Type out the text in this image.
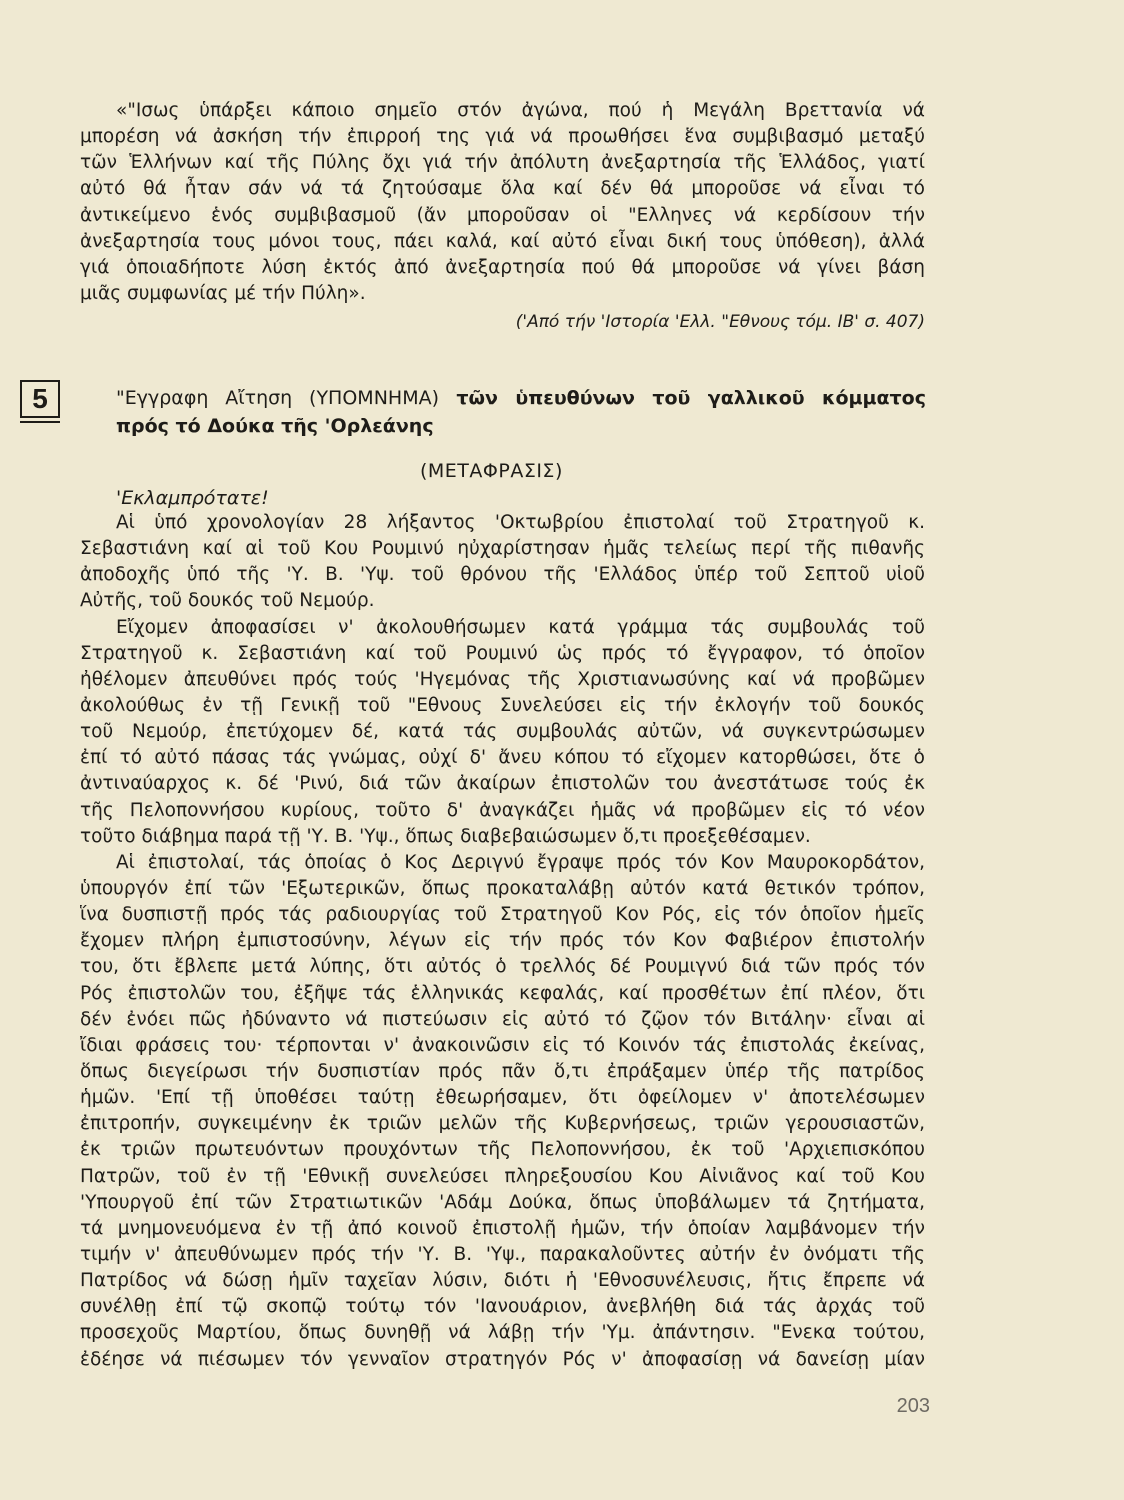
«"Ισως ὑπάρξει κάποιο σημεῖο στόν ἀγώνα, πού ἡ Μεγάλη Βρεττανία νά
μπορέση νά ἀσκήση τήν ἐπιρροή της γιά νά προωθήσει ἕνα συμβιβασμό μεταξύ
τῶν Ἑλλήνων καί τῆς Πύλης ὄχι γιά τήν ἀπόλυτη ἀνεξαρτησία τῆς Ἑλλάδος, γιατί
αὐτό θά ἦταν σάν νά τά ζητούσαμε ὅλα καί δέν θά μποροῦσε νά εἶναι τό
ἀντικείμενο ἑνός συμβιβασμοῦ (ἄν μποροῦσαν οἱ "Ελληνες νά κερδίσουν τήν
ἀνεξαρτησία τους μόνοι τους, πάει καλά, καί αὐτό εἶναι δική τους ὑπόθεση), ἀλλά
γιά ὁποιαδήποτε λύση ἐκτός ἀπό ἀνεξαρτησία πού θά μποροῦσε νά γίνει βάση
μιᾶς συμφωνίας μέ τήν Πύλη».
('Από τήν 'Ιστορία 'Ελλ. "Εθνους τόμ. ΙΒ' σ. 407)
5	"Εγγραφη Αἴτηση (ΥΠΟΜΝΗΜΑ) τῶν ὑπευθύνων τοῦ γαλλικοῦ κόμματος
πρός τό Δούκα τῆς 'Ορλεάνης
(ΜΕΤΑΦΡΑΣΙΣ)
'Εκλαμπρότατε!
Αἱ ὑπό χρονολογίαν 28 λήξαντος 'Οκτωβρίου ἐπιστολαί τοῦ Στρατηγοῦ κ.
Σεβαστιάνη καί αἱ τοῦ Κου Ρουμινύ ηὐχαρίστησαν ἡμᾶς τελείως περί τῆς πιθανῆς
ἀποδοχῆς ὑπό τῆς 'Υ. Β. 'Υψ. τοῦ θρόνου τῆς 'Ελλάδος ὑπέρ τοῦ Σεπτοῦ υἱοῦ
Αὐτῆς, τοῦ δουκός τοῦ Νεμούρ.
Εἴχομεν ἀποφασίσει ν' ἀκολουθήσωμεν κατά γράμμα τάς συμβουλάς τοῦ
Στρατηγοῦ κ. Σεβαστιάνη καί τοῦ Ρουμινύ ὡς πρός τό ἔγγραφον, τό ὁποῖον
ἠθέλομεν ἀπευθύνει πρός τούς 'Ηγεμόνας τῆς Χριστιανωσύνης καί νά προβῶμεν
ἀκολούθως ἐν τῇ Γενικῇ τοῦ "Εθνους Συνελεύσει εἰς τήν ἐκλογήν τοῦ δουκός
τοῦ Νεμούρ, ἐπετύχομεν δέ, κατά τάς συμβουλάς αὐτῶν, νά συγκεντρώσωμεν
ἐπί τό αὐτό πάσας τάς γνώμας, οὐχί δ' ἄνευ κόπου τό εἴχομεν κατορθώσει, ὅτε ὁ
ἀντιναύαρχος κ. δέ 'Ρινύ, διά τῶν ἀκαίρων ἐπιστολῶν του ἀνεστάτωσε τούς ἐκ
τῆς Πελοποννήσου κυρίους, τοῦτο δ' ἀναγκάζει ἡμᾶς νά προβῶμεν εἰς τό νέον
τοῦτο διάβημα παρά τῇ 'Υ. Β. 'Υψ., ὅπως διαβεβαιώσωμεν ὅ,τι προεξεθέσαμεν.
Αἱ ἐπιστολαί, τάς ὁποίας ὁ Κος Δεριγνύ ἔγραψε πρός τόν Κον Μαυροκορδάτον,
ὑπουργόν ἐπί τῶν 'Εξωτερικῶν, ὅπως προκαταλάβῃ αὐτόν κατά θετικόν τρόπον,
ἵνα δυσπιστῇ πρός τάς ραδιουργίας τοῦ Στρατηγοῦ Κον Ρός, εἰς τόν ὁποῖον ἡμεῖς
ἔχομεν πλήρη ἐμπιστοσύνην, λέγων εἰς τήν πρός τόν Κον Φαβιέρον ἐπιστολήν
του, ὅτι ἔβλεπε μετά λύπης, ὅτι αὐτός ὁ τρελλός δέ Ρουμιγνύ διά τῶν πρός τόν
Ρός ἐπιστολῶν του, ἐξῆψε τάς ἑλληνικάς κεφαλάς, καί προσθέτων ἐπί πλέον, ὅτι
δέν ἐνόει πῶς ἠδύναντο νά πιστεύωσιν εἰς αὐτό τό ζῷον τόν Βιτάλην· εἶναι αἱ
ἴδιαι φράσεις του· τέρπονται ν' ἀνακοινῶσιν εἰς τό Κοινόν τάς ἐπιστολάς ἐκείνας,
ὅπως διεγείρωσι τήν δυσπιστίαν πρός πᾶν ὅ,τι ἐπράξαμεν ὑπέρ τῆς πατρίδος
ἡμῶν. 'Επί τῇ ὑποθέσει ταύτῃ ἐθεωρήσαμεν, ὅτι ὀφείλομεν ν' ἀποτελέσωμεν
ἐπιτροπήν, συγκειμένην ἐκ τριῶν μελῶν τῆς Κυβερνήσεως, τριῶν γερουσιαστῶν,
ἐκ τριῶν πρωτευόντων προυχόντων τῆς Πελοποννήσου, ἐκ τοῦ 'Αρχιεπισκόπου
Πατρῶν, τοῦ ἐν τῇ 'Εθνικῇ συνελεύσει πληρεξουσίου Κου Αἰνιᾶνος καί τοῦ Κου
'Υπουργοῦ ἐπί τῶν Στρατιωτικῶν 'Αδάμ Δούκα, ὅπως ὑποβάλωμεν τά ζητήματα,
τά μνημονευόμενα ἐν τῇ ἀπό κοινοῦ ἐπιστολῇ ἡμῶν, τήν ὁποίαν λαμβάνομεν τήν
τιμήν ν' ἀπευθύνωμεν πρός τήν 'Υ. Β. 'Υψ., παρακαλοῦντες αὐτήν ἐν ὀνόματι τῆς
Πατρίδος νά δώσῃ ἡμῖν ταχεῖαν λύσιν, διότι ἡ 'Εθνοσυνέλευσις, ἥτις ἔπρεπε νά
συνέλθῃ ἐπί τῷ σκοπῷ τούτῳ τόν 'Ιανουάριον, ἀνεβλήθη διά τάς ἀρχάς τοῦ
προσεχοῦς Μαρτίου, ὅπως δυνηθῇ νά λάβῃ τήν 'Υμ. ἀπάντησιν. "Ενεκα τούτου,
ἐδέησε νά πιέσωμεν τόν γενναῖον στρατηγόν Ρός ν' ἀποφασίσῃ νά δανείσῃ μίαν
203
